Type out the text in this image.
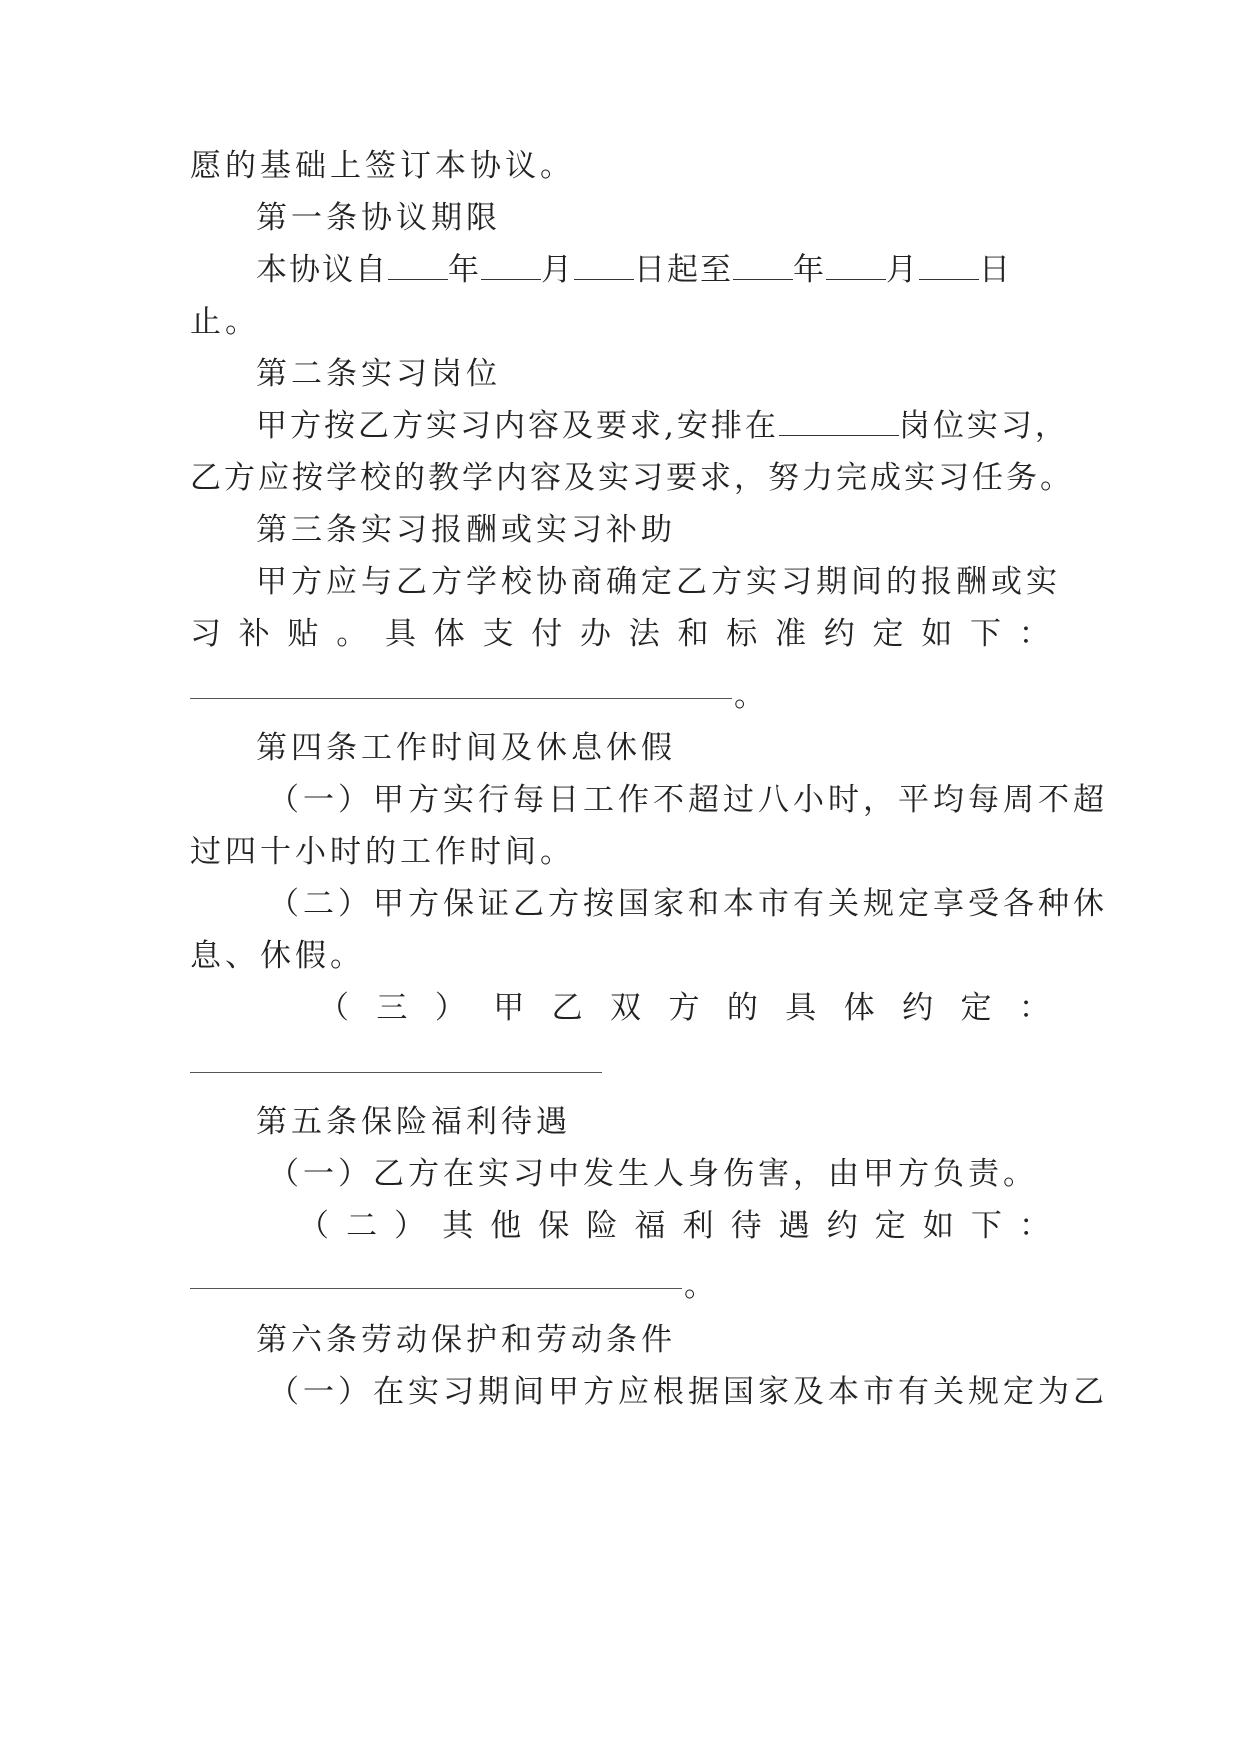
愿的基础上签订本协议。
第一条协议期限
本协议自 年 月 日起至 年 月 日
止。
第二条实习岗位
甲方按乙方实习内容及要求,安排在	岗位实习，
乙方应按学校的教学内容及实习要求，努力完成实习任务。
第三条实习报酬或实习补助
甲方应与乙方学校协商确定乙方实习期间的报酬或实
习 补 贴 。 具 体 支 付 办 法 和 标 准 约 定 如 下 ：
。
第四条工作时间及休息休假
（一）甲方实行每日工作不超过八小时，平均每周不超
过四十小时的工作时间。
（二）甲方保证乙方按国家和本市有关规定享受各种休
息、休假。
（ 三 ） 甲 乙 双 方 的 具 体 约 定 ：
第五条保险福利待遇
（一）乙方在实习中发生人身伤害，由甲方负责。
（ 二 ） 其 他 保 险 福 利 待 遇 约 定 如 下 ：
。
第六条劳动保护和劳动条件
（一）在实习期间甲方应根据国家及本市有关规定为乙
